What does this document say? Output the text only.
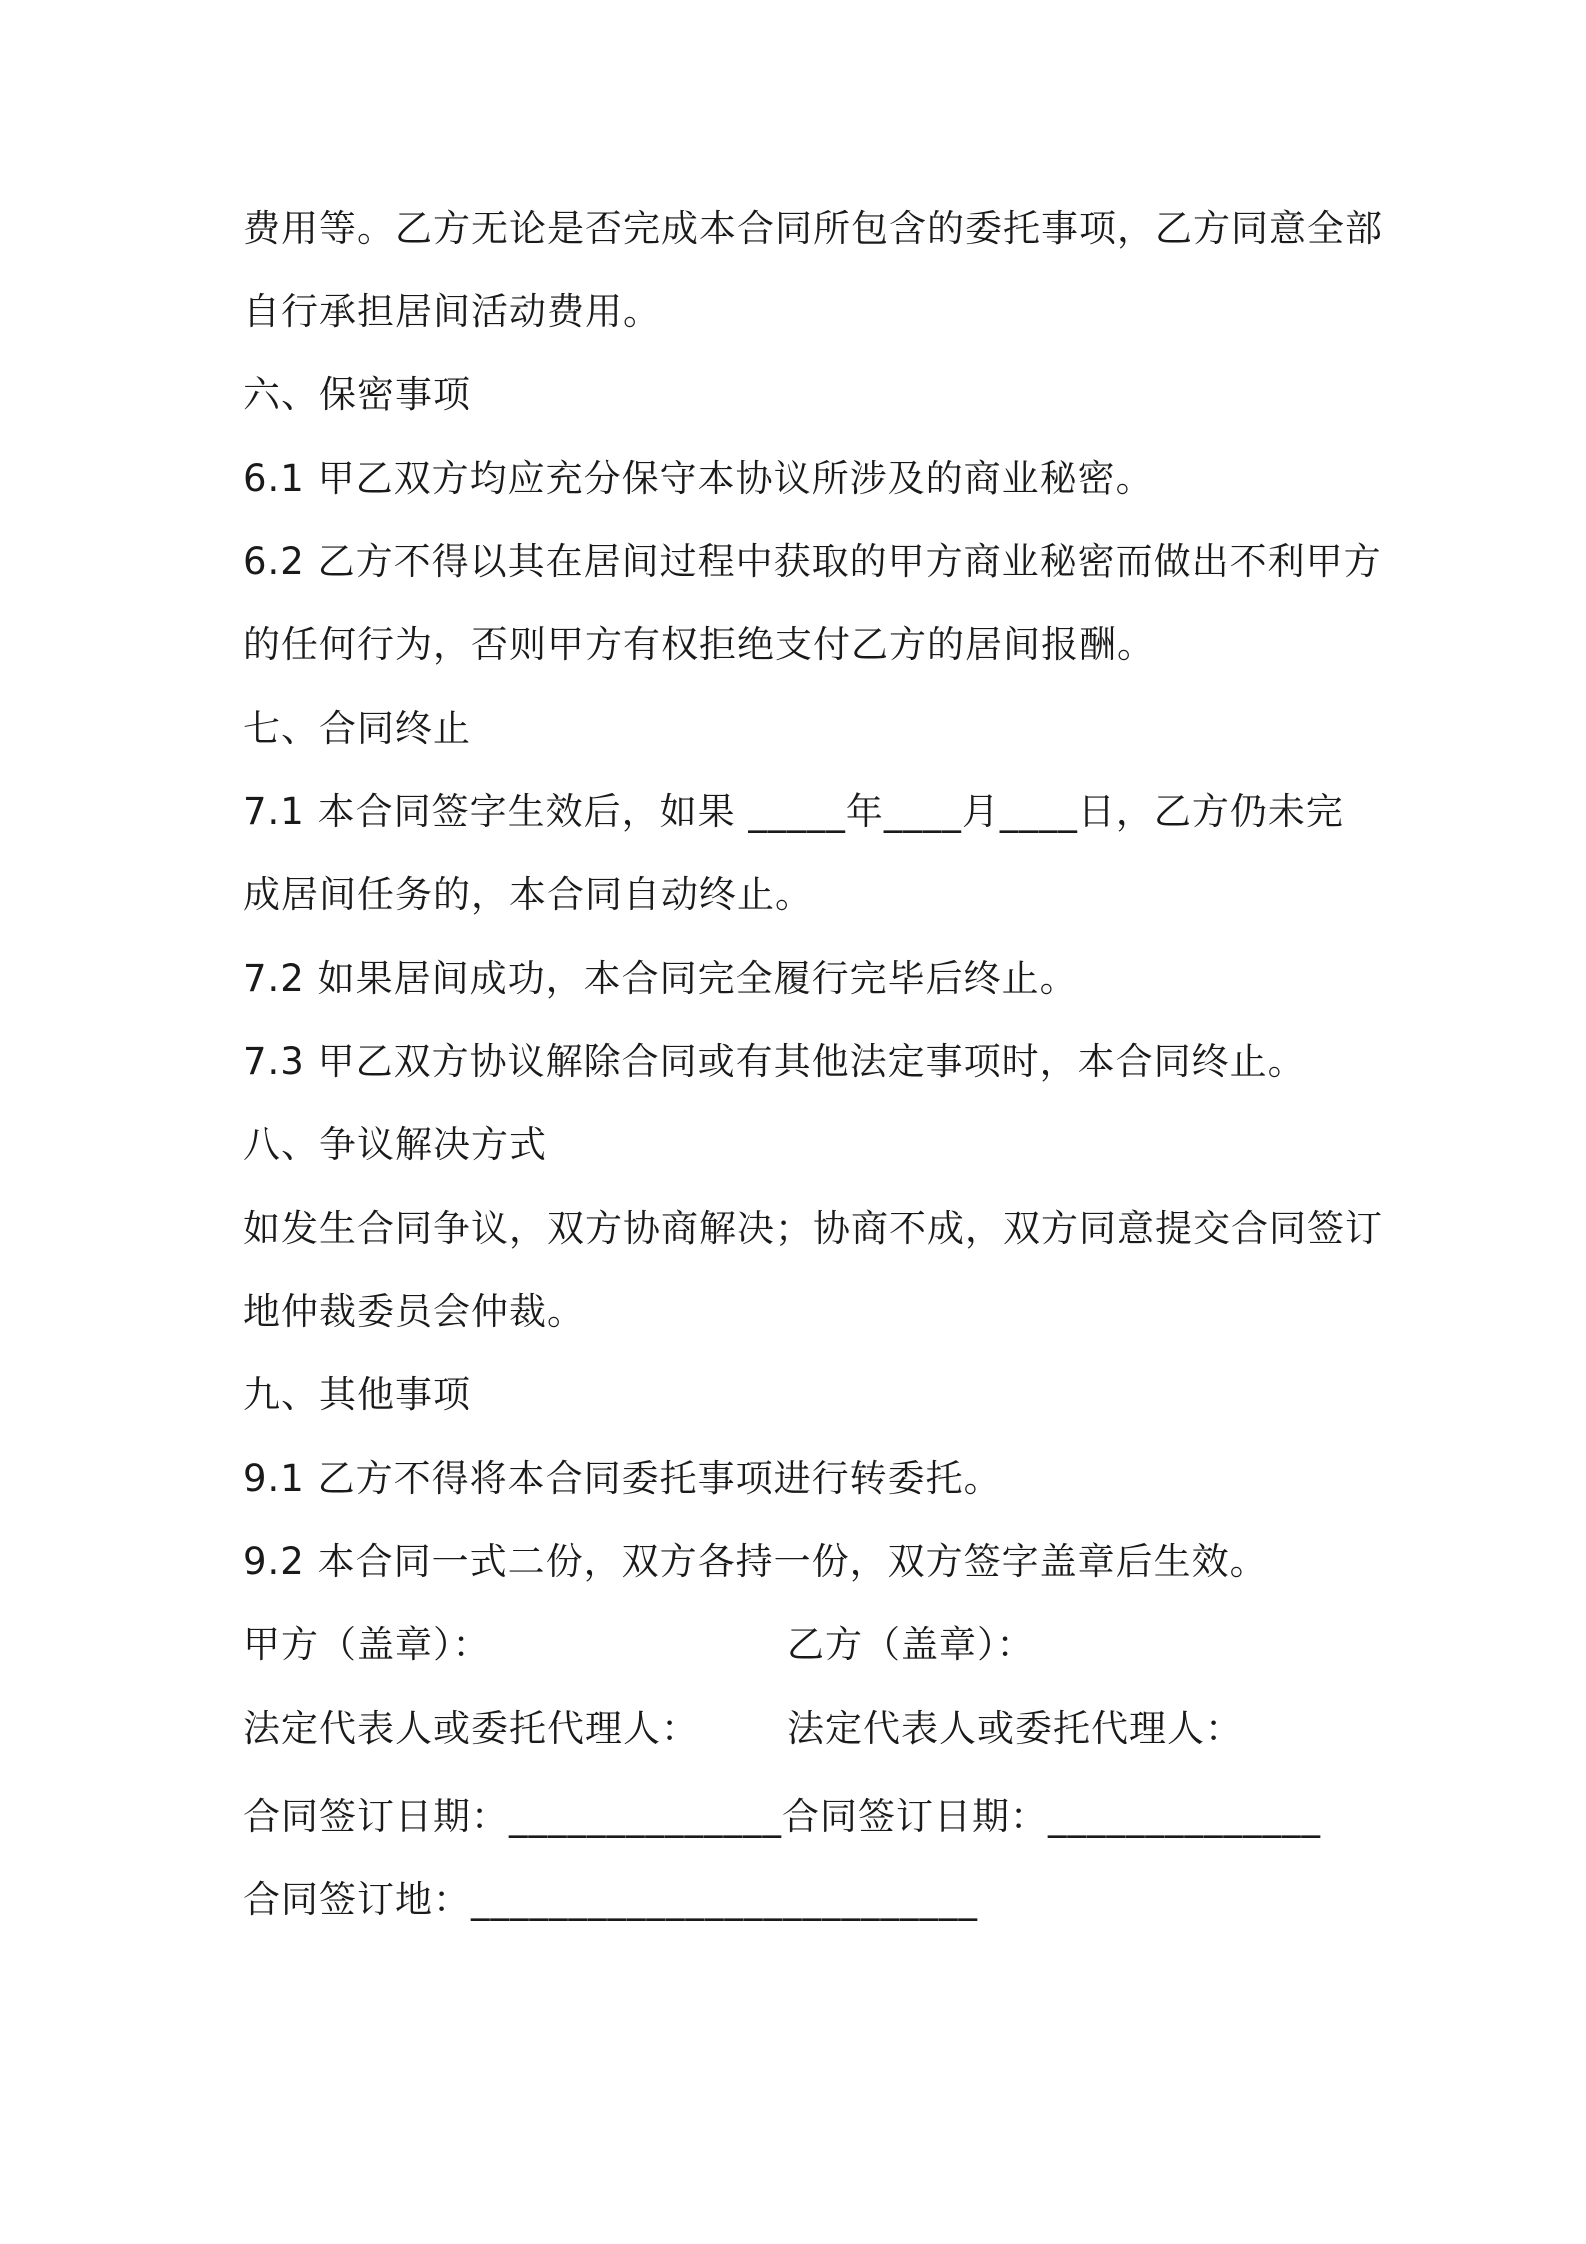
费用等。乙方无论是否完成本合同所包含的委托事项，乙方同意全部
自行承担居间活动费用。
六、保密事项
6.1 甲乙双方均应充分保守本协议所涉及的商业秘密。
6.2 乙方不得以其在居间过程中获取的甲方商业秘密而做出不利甲方
的任何行为，否则甲方有权拒绝支付乙方的居间报酬。
七、合同终止
7.1 本合同签字生效后，如果 _____年____月____日，乙方仍未完
成居间任务的，本合同自动终止。
7.2 如果居间成功，本合同完全履行完毕后终止。
7.3 甲乙双方协议解除合同或有其他法定事项时，本合同终止。
八、争议解决方式
如发生合同争议，双方协商解决；协商不成，双方同意提交合同签订
地仲裁委员会仲裁。
九、其他事项
9.1 乙方不得将本合同委托事项进行转委托。
9.2 本合同一式二份，双方各持一份，双方签字盖章后生效。
甲方（盖章）：	乙方（盖章）：
法定代表人或委托代理人： 法定代表人或委托代理人：
合同签订日期：______________合同签订日期：______________
合同签订地：__________________________
